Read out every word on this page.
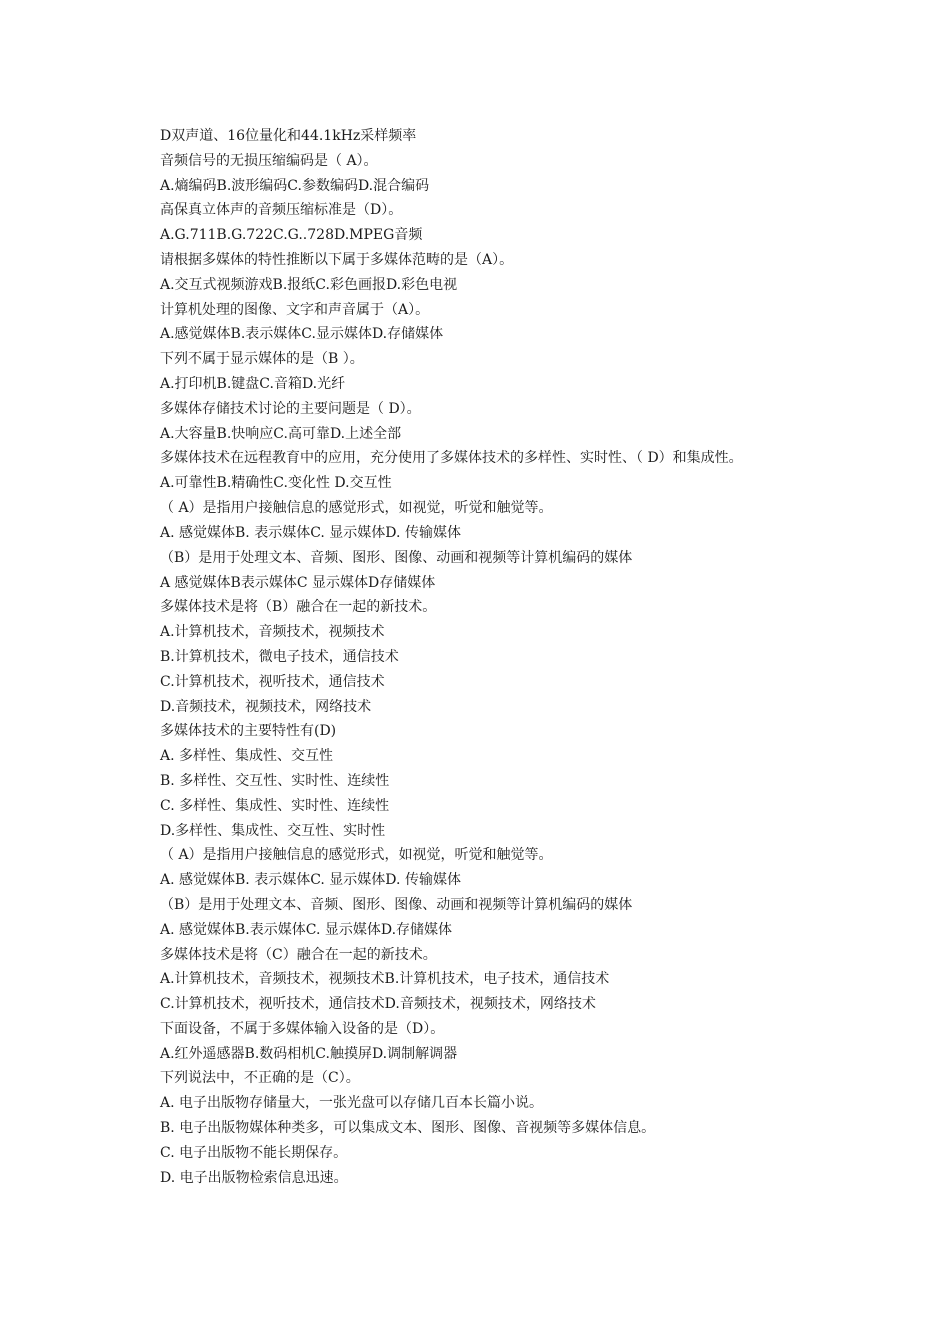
D双声道、16位量化和44.1kHz采样频率
音频信号的无损压缩编码是（ A）。
A.熵编码B.波形编码C.参数编码D.混合编码
高保真立体声的音频压缩标准是（D）。
A.G.711B.G.722C.G..728D.MPEG音频
请根据多媒体的特性推断以下属于多媒体范畴的是（A）。
A.交互式视频游戏B.报纸C.彩色画报D.彩色电视
计算机处理的图像、文字和声音属于（A）。
A.感觉媒体B.表示媒体C.显示媒体D.存储媒体
下列不属于显示媒体的是（B ）。
A.打印机B.键盘C.音箱D.光纤
多媒体存储技术讨论的主要问题是（ D）。
A.大容量B.快响应C.高可靠D.上述全部
多媒体技术在远程教育中的应用，充分使用了多媒体技术的多样性、实时性、（ D）和集成性。
A.可靠性B.精确性C.变化性 D.交互性
（ A）是指用户接触信息的感觉形式，如视觉，听觉和触觉等。
A. 感觉媒体B. 表示媒体C. 显示媒体D. 传输媒体
（B）是用于处理文本、音频、图形、图像、动画和视频等计算机编码的媒体
A 感觉媒体B表示媒体C 显示媒体D存储媒体
多媒体技术是将（B）融合在一起的新技术。
A.计算机技术，音频技术，视频技术
B.计算机技术，微电子技术，通信技术
C.计算机技术，视听技术，通信技术
D.音频技术，视频技术，网络技术
多媒体技术的主要特性有(D)
A. 多样性、集成性、交互性
B. 多样性、交互性、实时性、连续性
C. 多样性、集成性、实时性、连续性
D.多样性、集成性、交互性、实时性
（ A）是指用户接触信息的感觉形式，如视觉，听觉和触觉等。
A. 感觉媒体B. 表示媒体C. 显示媒体D. 传输媒体
（B）是用于处理文本、音频、图形、图像、动画和视频等计算机编码的媒体
A. 感觉媒体B.表示媒体C. 显示媒体D.存储媒体
多媒体技术是将（C）融合在一起的新技术。
A.计算机技术，音频技术，视频技术B.计算机技术，电子技术，通信技术
C.计算机技术，视听技术，通信技术D.音频技术，视频技术，网络技术
下面设备，不属于多媒体输入设备的是（D）。
A.红外遥感器B.数码相机C.触摸屏D.调制解调器
下列说法中，不正确的是（C）。
A. 电子出版物存储量大，一张光盘可以存储几百本长篇小说。
B. 电子出版物媒体种类多，可以集成文本、图形、图像、音视频等多媒体信息。
C. 电子出版物不能长期保存。
D. 电子出版物检索信息迅速。
